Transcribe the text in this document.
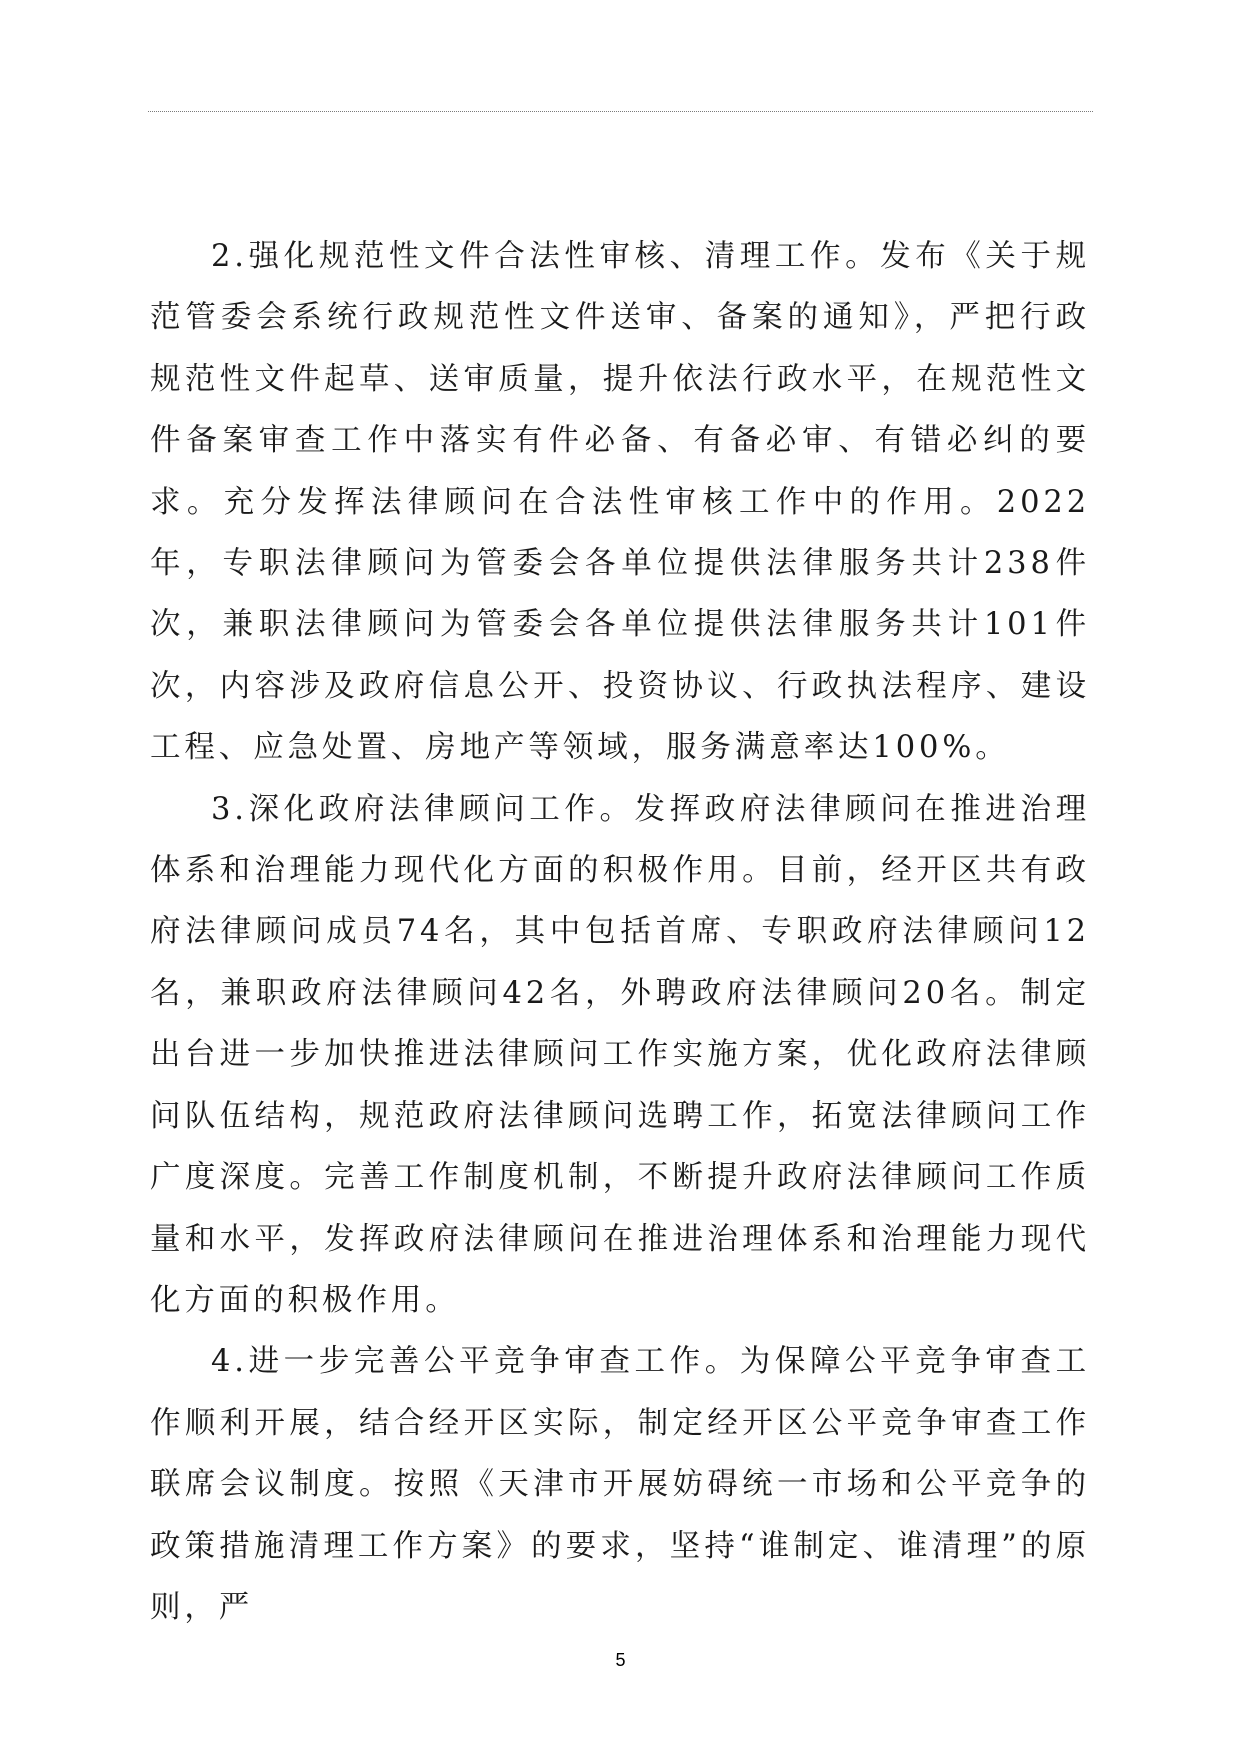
2.强化规范性文件合法性审核、清理工作。发布《关于规范管委会系统行政规范性文件送审、备案的通知》，严把行政规范性文件起草、送审质量，提升依法行政水平，在规范性文件备案审查工作中落实有件必备、有备必审、有错必纠的要求。充分发挥法律顾问在合法性审核工作中的作用。2022年，专职法律顾问为管委会各单位提供法律服务共计238件次，兼职法律顾问为管委会各单位提供法律服务共计101件次，内容涉及政府信息公开、投资协议、行政执法程序、建设工程、应急处置、房地产等领域，服务满意率达100%。

3.深化政府法律顾问工作。发挥政府法律顾问在推进治理体系和治理能力现代化方面的积极作用。目前，经开区共有政府法律顾问成员74名，其中包括首席、专职政府法律顾问12名，兼职政府法律顾问42名，外聘政府法律顾问20名。制定出台进一步加快推进法律顾问工作实施方案，优化政府法律顾问队伍结构，规范政府法律顾问选聘工作，拓宽法律顾问工作广度深度。完善工作制度机制，不断提升政府法律顾问工作质量和水平，发挥政府法律顾问在推进治理体系和治理能力现代化方面的积极作用。

4.进一步完善公平竞争审查工作。为保障公平竞争审查工作顺利开展，结合经开区实际，制定经开区公平竞争审查工作联席会议制度。按照《天津市开展妨碍统一市场和公平竞争的政策措施清理工作方案》的要求，坚持“谁制定、谁清理”的原则，严

5
